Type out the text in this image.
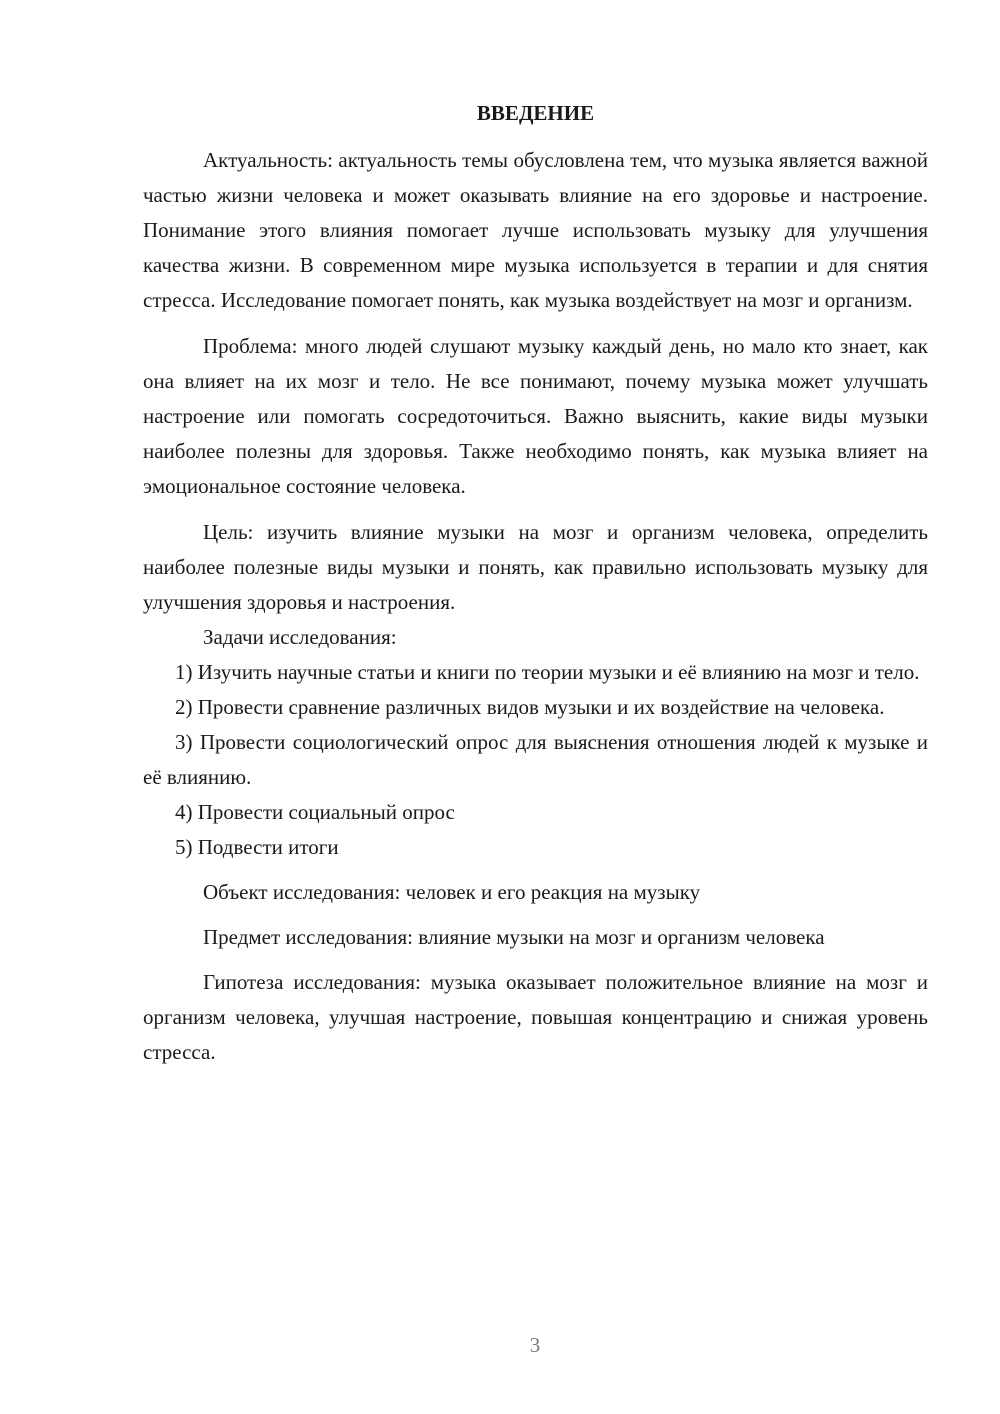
ВВЕДЕНИЕ

Актуальность: актуальность темы обусловлена тем, что музыка является важной частью жизни человека и может оказывать влияние на его здоровье и настроение. Понимание этого влияния помогает лучше использовать музыку для улучшения качества жизни. В современном мире музыка используется в терапии и для снятия стресса. Исследование помогает понять, как музыка воздействует на мозг и организм.

Проблема: много людей слушают музыку каждый день, но мало кто знает, как она влияет на их мозг и тело. Не все понимают, почему музыка может улучшать настроение или помогать сосредоточиться. Важно выяснить, какие виды музыки наиболее полезны для здоровья. Также необходимо понять, как музыка влияет на эмоциональное состояние человека.

Цель: изучить влияние музыки на мозг и организм человека, определить наиболее полезные виды музыки и понять, как правильно использовать музыку для улучшения здоровья и настроения.

Задачи исследования:

1) Изучить научные статьи и книги по теории музыки и её влиянию на мозг и тело.

2) Провести сравнение различных видов музыки и их воздействие на человека.

3) Провести социологический опрос для выяснения отношения людей к музыке и её влиянию.

4) Провести социальный опрос

5) Подвести итоги

Объект исследования: человек и его реакция на музыку

Предмет исследования: влияние музыки на мозг и организм человека

Гипотеза исследования: музыка оказывает положительное влияние на мозг и организм человека, улучшая настроение, повышая концентрацию и снижая уровень стресса.

3
